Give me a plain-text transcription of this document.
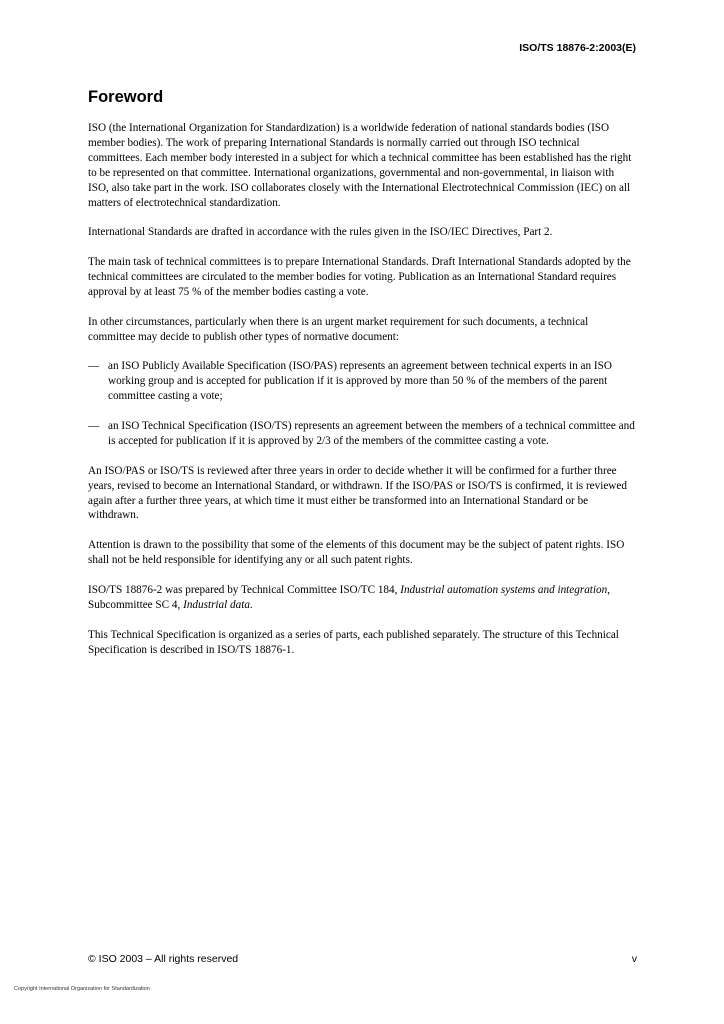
ISO/TS 18876-2:2003(E)
Foreword

ISO (the International Organization for Standardization) is a worldwide federation of national standards bodies (ISO member bodies). The work of preparing International Standards is normally carried out through ISO technical committees. Each member body interested in a subject for which a technical committee has been established has the right to be represented on that committee. International organizations, governmental and non-governmental, in liaison with ISO, also take part in the work. ISO collaborates closely with the International Electrotechnical Commission (IEC) on all matters of electrotechnical standardization.

International Standards are drafted in accordance with the rules given in the ISO/IEC Directives, Part 2.

The main task of technical committees is to prepare International Standards. Draft International Standards adopted by the technical committees are circulated to the member bodies for voting. Publication as an International Standard requires approval by at least 75 % of the member bodies casting a vote.

In other circumstances, particularly when there is an urgent market requirement for such documents, a technical committee may decide to publish other types of normative document:

— an ISO Publicly Available Specification (ISO/PAS) represents an agreement between technical experts in an ISO working group and is accepted for publication if it is approved by more than 50 % of the members of the parent committee casting a vote;
— an ISO Technical Specification (ISO/TS) represents an agreement between the members of a technical committee and is accepted for publication if it is approved by 2/3 of the members of the committee casting a vote.

An ISO/PAS or ISO/TS is reviewed after three years in order to decide whether it will be confirmed for a further three years, revised to become an International Standard, or withdrawn. If the ISO/PAS or ISO/TS is confirmed, it is reviewed again after a further three years, at which time it must either be transformed into an International Standard or be withdrawn.

Attention is drawn to the possibility that some of the elements of this document may be the subject of patent rights. ISO shall not be held responsible for identifying any or all such patent rights.

ISO/TS 18876-2 was prepared by Technical Committee ISO/TC 184, Industrial automation systems and integration, Subcommittee SC 4, Industrial data.

This Technical Specification is organized as a series of parts, each published separately. The structure of this Technical Specification is described in ISO/TS 18876-1.

© ISO 2003 – All rights reserved	v
Copyright International Organization for Standardization
